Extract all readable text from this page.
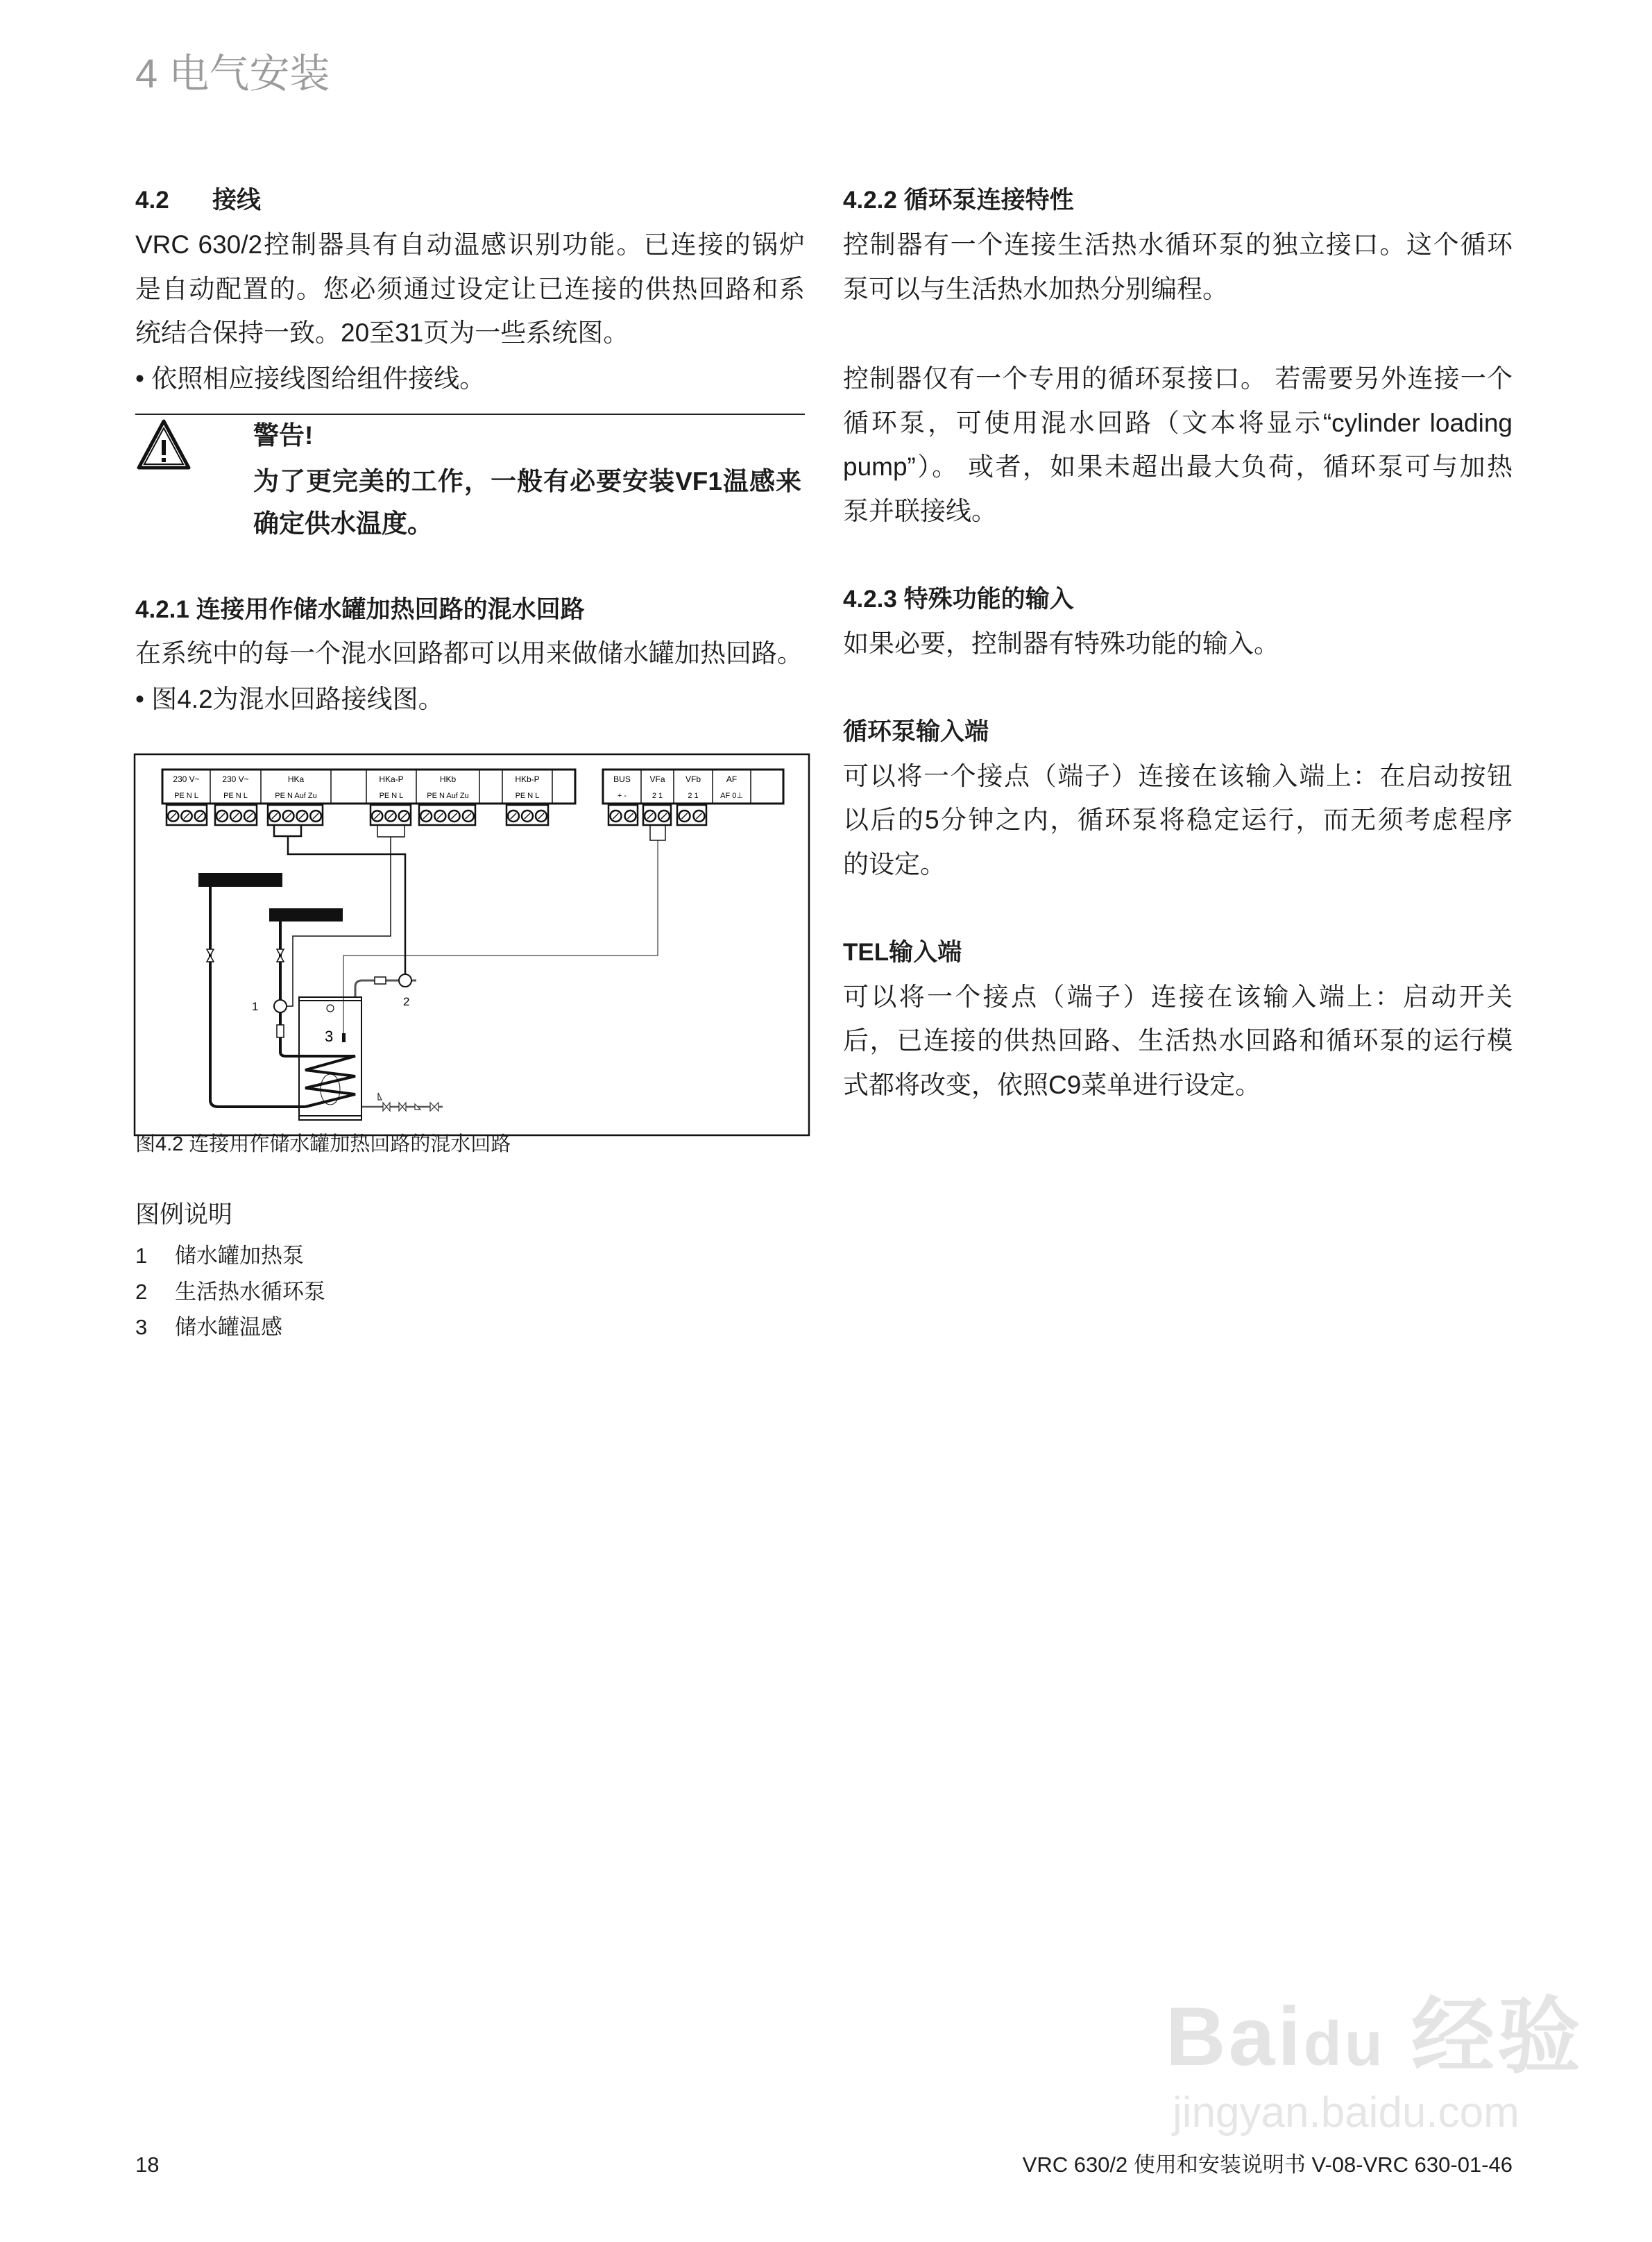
4 电气安装
4.2 接线
VRC 630/2控制器具有自动温感识别功能。已连接的锅炉
是自动配置的。您必须通过设定让已连接的供热回路和系
统结合保持一致。20至31页为一些系统图。
• 依照相应接线图给组件接线。
警告!
为了更完美的工作，一般有必要安装VF1温感来
确定供水温度。
4.2.1 连接用作储水罐加热回路的混水回路
在系统中的每一个混水回路都可以用来做储水罐加热回路。
• 图4.2为混水回路接线图。
230 V~
PE N L
230 V~
PE N L
HKa
PE N Auf Zu
HKa-P
PE N L
HKb
PE N Auf Zu
HKb-P
PE N L
BUS
+ -
VFa
2 1
VFb
2 1
AF
AF 0⊥
1	2
3
图4.2 连接用作储水罐加热回路的混水回路
图例说明
1 储水罐加热泵
2 生活热水循环泵
3 储水罐温感
4.2.2 循环泵连接特性
控制器有一个连接生活热水循环泵的独立接口。这个循环
泵可以与生活热水加热分别编程。
控制器仅有一个专用的循环泵接口。 若需要另外连接一个
循环泵，可使用混水回路（文本将显示“cylinder loading
pump”）。 或者，如果未超出最大负荷，循环泵可与加热
泵并联接线。
4.2.3 特殊功能的输入
如果必要，控制器有特殊功能的输入。
循环泵输入端
可以将一个接点（端子）连接在该输入端上：在启动按钮
以后的5分钟之内，循环泵将稳定运行，而无须考虑程序
的设定。
TEL输入端
可以将一个接点（端子）连接在该输入端上：启动开关
后，已连接的供热回路、生活热水回路和循环泵的运行模
式都将改变，依照C9菜单进行设定。
Baidu 经验
jingyan.baidu.com
18	VRC 630/2 使用和安装说明书 V-08-VRC 630-01-46
